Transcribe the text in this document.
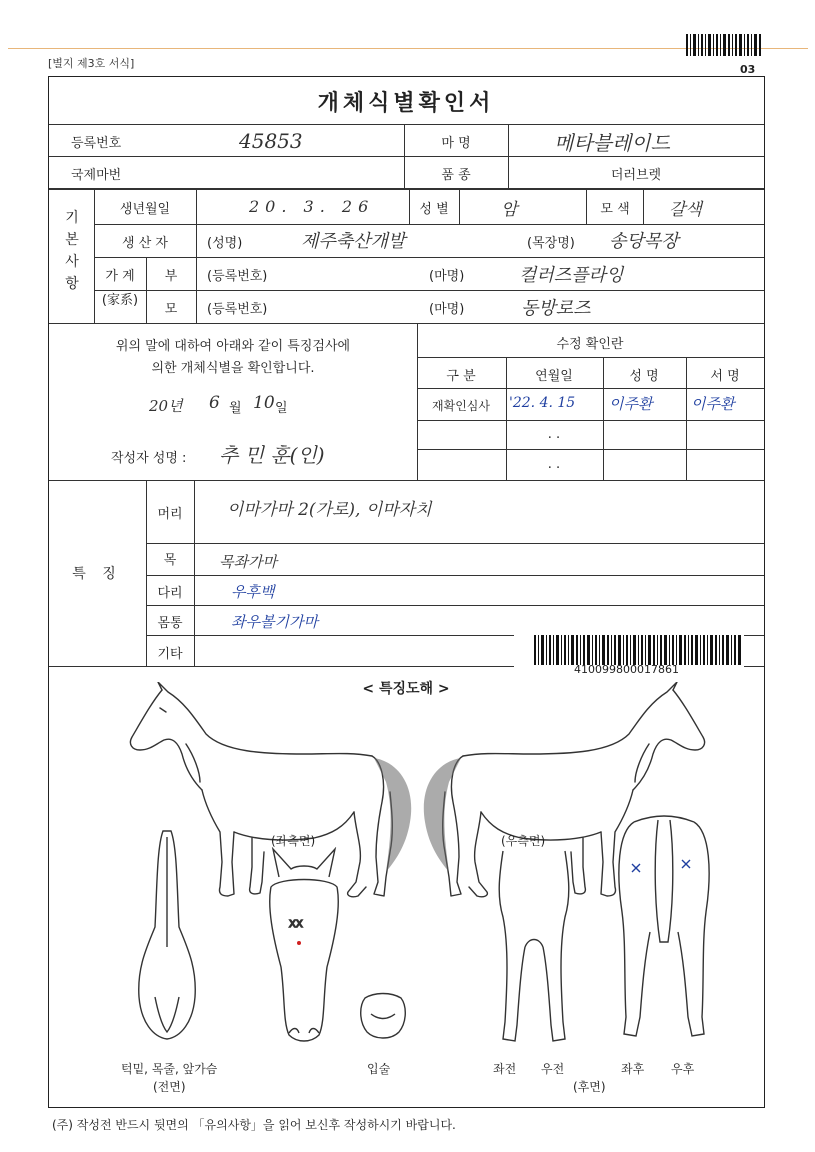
[별지 제3호 서식]	03
개체식별확인서
등록번호	45853	마 명	메타블레이드
국제마번	품 종	더러브렛
기본사항
생년월일	20. 3. 26	성 별	암	모 색 갈색
생 산 자	(성명)	제주축산개발	(목장명) 송당목장
가 계
(家系)
부 (등록번호)	(마명)	컬러즈플라잉
모 (등록번호)	(마명)	동방로즈
위의 말에 대하여 아래와 같이 특징검사에
의한 개체식별을 확인합니다.
20년 6 월 10 일
작성자 성명 : 추 민 훈(인)
수정 확인란
구 분	연월일	성 명	서 명
재확인심사 '22. 4. 15 이주환	이주환
. .
. .
특 징
머리	이마가마 2(가로), 이마자치
목	목좌가마
다리	우후백
몸통	좌우볼기가마
기타
410099800017861
< 특징도해 >
(좌측면)	(우측면)
XX
턱밑, 목줄, 앞가슴
(전면)
입술	좌전 우전	좌후 우후
(후면)
(주) 작성전 반드시 뒷면의 「유의사항」을 읽어 보신후 작성하시기 바랍니다.
